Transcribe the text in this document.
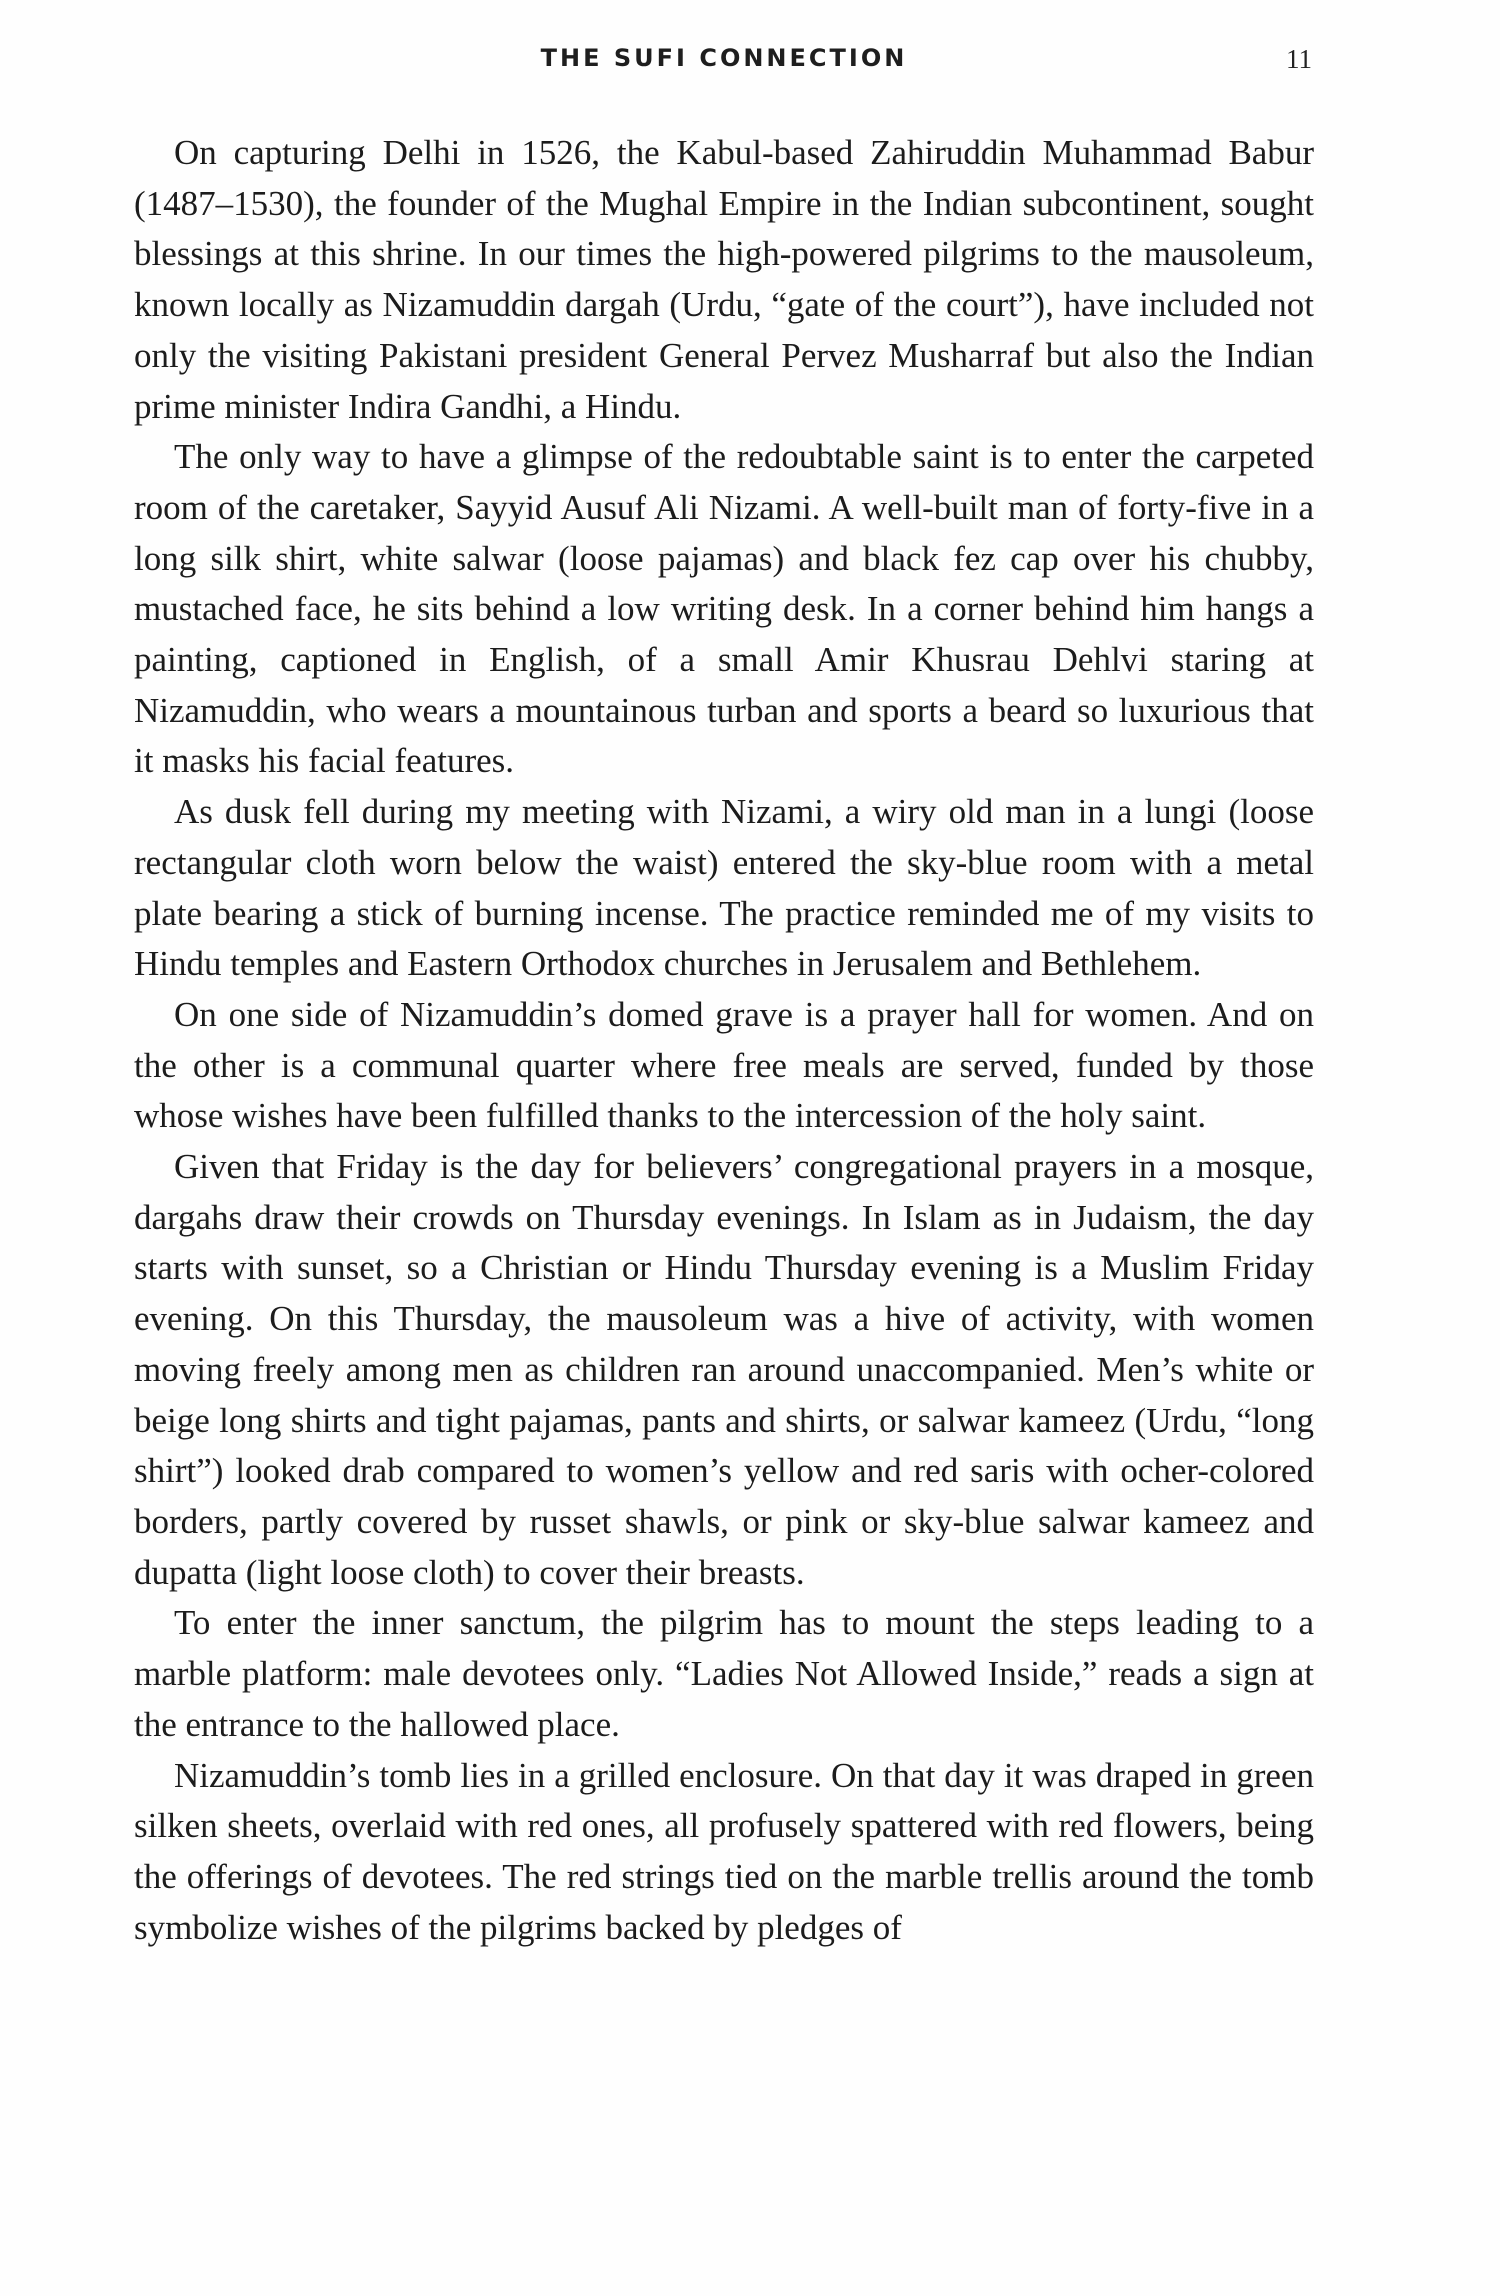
THE SUFI CONNECTION	11

On capturing Delhi in 1526, the Kabul-based Zahiruddin Muhammad Babur (1487–1530), the founder of the Mughal Empire in the Indian subcontinent, sought blessings at this shrine. In our times the high-powered pilgrims to the mausoleum, known locally as Nizamuddin dargah (Urdu, “gate of the court”), have included not only the visiting Pakistani president General Pervez Musharraf but also the Indian prime minister Indira Gandhi, a Hindu.

The only way to have a glimpse of the redoubtable saint is to enter the carpeted room of the caretaker, Sayyid Ausuf Ali Nizami. A well-built man of forty-five in a long silk shirt, white salwar (loose pajamas) and black fez cap over his chubby, mustached face, he sits behind a low writing desk. In a corner behind him hangs a painting, captioned in English, of a small Amir Khusrau Dehlvi staring at Nizamuddin, who wears a mountainous turban and sports a beard so luxurious that it masks his facial features.

As dusk fell during my meeting with Nizami, a wiry old man in a lungi (loose rectangular cloth worn below the waist) entered the sky-blue room with a metal plate bearing a stick of burning incense. The practice reminded me of my visits to Hindu temples and Eastern Orthodox churches in Jerusalem and Bethlehem.

On one side of Nizamuddin’s domed grave is a prayer hall for women. And on the other is a communal quarter where free meals are served, funded by those whose wishes have been fulfilled thanks to the intercession of the holy saint.

Given that Friday is the day for believers’ congregational prayers in a mosque, dargahs draw their crowds on Thursday evenings. In Islam as in Judaism, the day starts with sunset, so a Christian or Hindu Thursday evening is a Muslim Friday evening. On this Thursday, the mausoleum was a hive of activity, with women moving freely among men as children ran around unaccompanied. Men’s white or beige long shirts and tight pajamas, pants and shirts, or salwar kameez (Urdu, “long shirt”) looked drab compared to women’s yellow and red saris with ocher-colored borders, partly covered by russet shawls, or pink or sky-blue salwar kameez and dupatta (light loose cloth) to cover their breasts.

To enter the inner sanctum, the pilgrim has to mount the steps leading to a marble platform: male devotees only. “Ladies Not Allowed Inside,” reads a sign at the entrance to the hallowed place.

Nizamuddin’s tomb lies in a grilled enclosure. On that day it was draped in green silken sheets, overlaid with red ones, all profusely spattered with red flowers, being the offerings of devotees. The red strings tied on the marble trellis around the tomb symbolize wishes of the pilgrims backed by pledges of
